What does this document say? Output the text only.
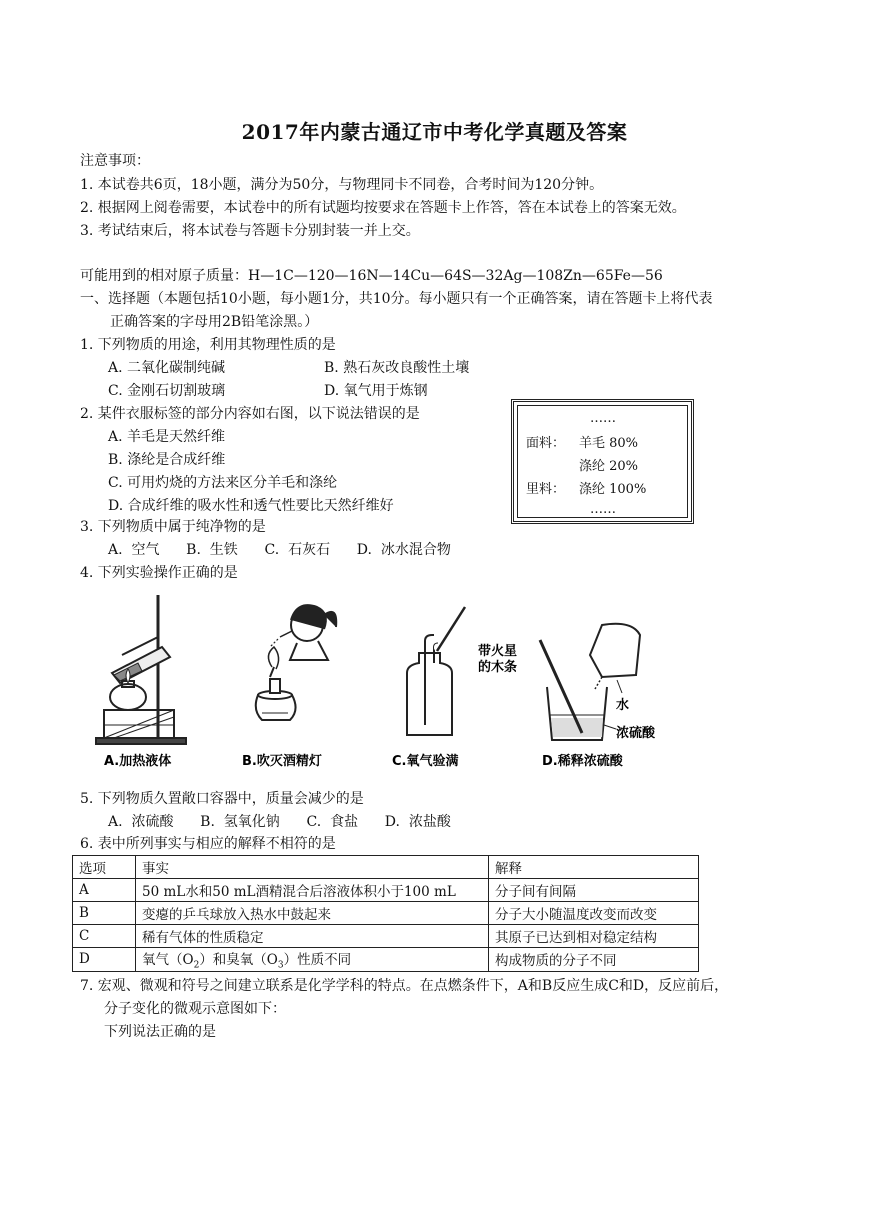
2017年内蒙古通辽市中考化学真题及答案
注意事项：
1. 本试卷共6页，18小题，满分为50分，与物理同卡不同卷，合考时间为120分钟。
2. 根据网上阅卷需要，本试卷中的所有试题均按要求在答题卡上作答，答在本试卷上的答案无效。
3. 考试结束后，将本试卷与答题卡分别封装一并上交。
可能用到的相对原子质量：H—1C—120—16N—14Cu—64S—32Ag—108Zn—65Fe—56
一、选择题（本题包括10小题，每小题1分，共10分。每小题只有一个正确答案，请在答题卡上将代表
正确答案的字母用2B铅笔涂黑。）
1. 下列物质的用途，利用其物理性质的是
A. 二氧化碳制纯碱	B. 熟石灰改良酸性土壤
C. 金刚石切割玻璃	D. 氧气用于炼钢
2. 某件衣服标签的部分内容如右图，以下说法错误的是
A. 羊毛是天然纤维
B. 涤纶是合成纤维
C. 可用灼烧的方法来区分羊毛和涤纶
D. 合成纤维的吸水性和透气性要比天然纤维好
……
面料： 羊毛 80%
涤纶 20%
里料： 涤纶 100%
……
3. 下列物质中属于纯净物的是
A.  空气      B.  生铁      C.  石灰石      D.  冰水混合物
4. 下列实验操作正确的是
带火星
的木条
水
浓硫酸
A.加热液体	B.吹灭酒精灯	C.氧气验满	D.稀释浓硫酸
5. 下列物质久置敞口容器中，质量会减少的是
A.  浓硫酸      B.  氢氧化钠      C.  食盐      D.  浓盐酸
6. 表中所列事实与相应的解释不相符的是
选项	事实	解释
A	50 mL水和50 mL酒精混合后溶液体积小于100 mL	分子间有间隔
B	变瘪的乒乓球放入热水中鼓起来	分子大小随温度改变而改变
C	稀有气体的性质稳定	其原子已达到相对稳定结构
D	氧气$(O_2)$和臭氧$(O_3)$性质不同	构成物质的分子不同
7. 宏观、微观和符号之间建立联系是化学学科的特点。在点燃条件下，A和B反应生成C和D，反应前后，
分子变化的微观示意图如下：
下列说法正确的是
